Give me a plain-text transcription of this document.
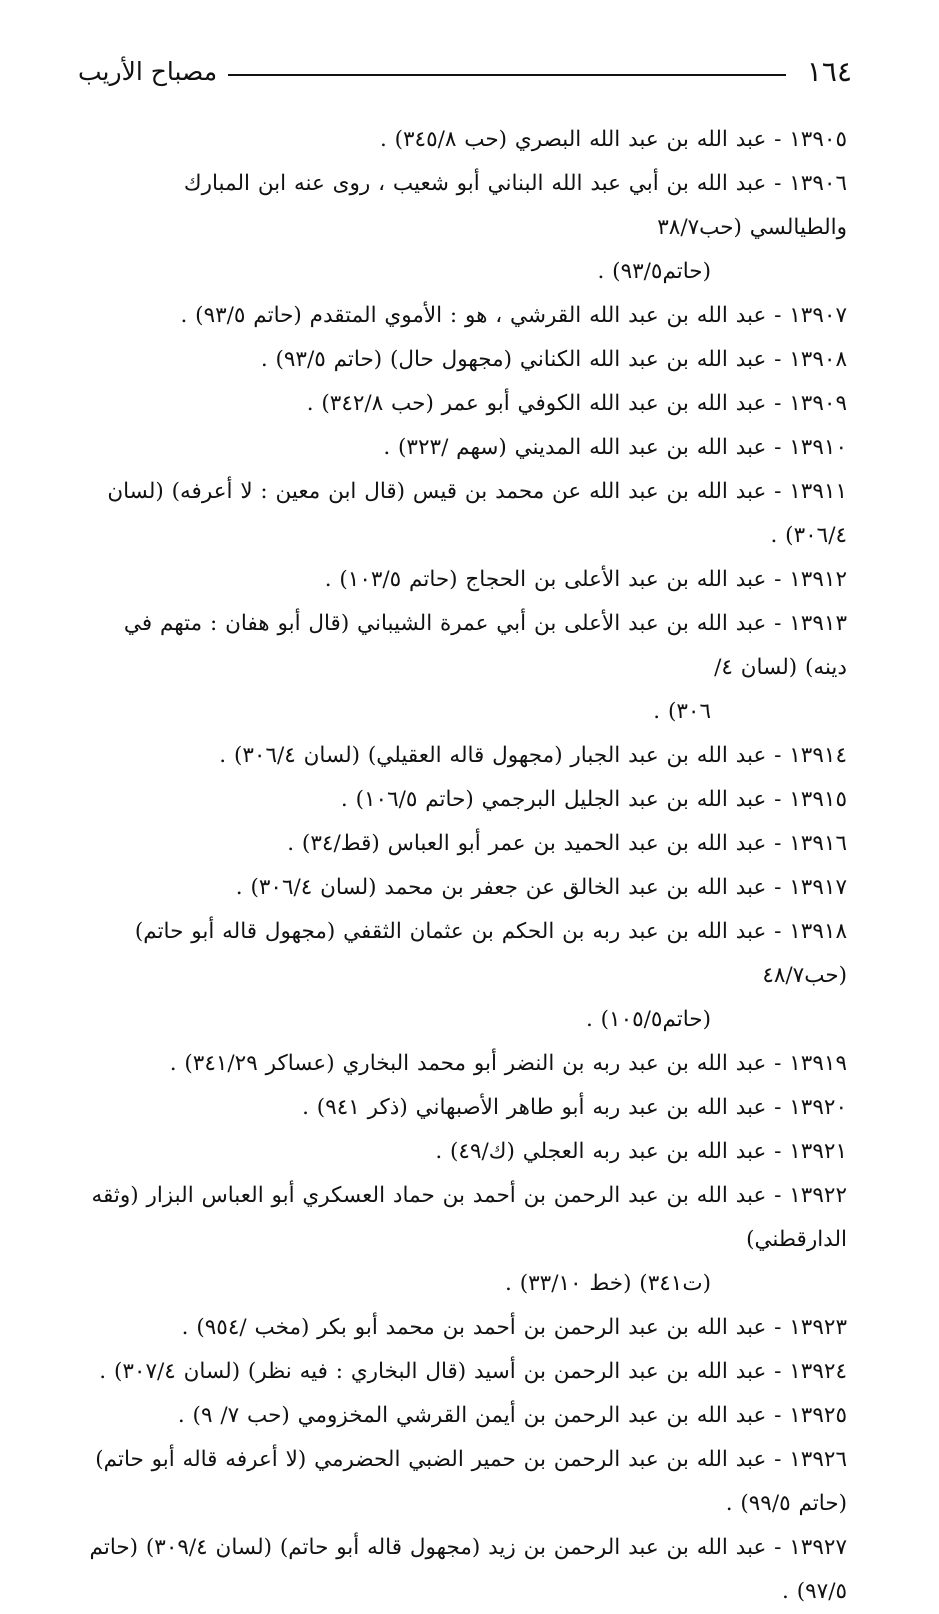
١٦٤
مصباح الأريب

١٣٩٠٥ - عبد الله بن عبد الله البصري (حب ٣٤٥/٨) .

١٣٩٠٦ - عبد الله بن أبي عبد الله البناني أبو شعيب ، روى عنه ابن المبارك والطيالسي (حب٣٨/٧
(حاتم٩٣/٥) .

١٣٩٠٧ - عبد الله بن عبد الله القرشي ، هو : الأموي المتقدم (حاتم ٩٣/٥) .

١٣٩٠٨ - عبد الله بن عبد الله الكناني (مجهول حال) (حاتم ٩٣/٥) .

١٣٩٠٩ - عبد الله بن عبد الله الكوفي أبو عمر (حب ٣٤٢/٨) .

١٣٩١٠ - عبد الله بن عبد الله المديني (سهم /٣٢٣) .

١٣٩١١ - عبد الله بن عبد الله عن محمد بن قيس (قال ابن معين : لا أعرفه) (لسان ٣٠٦/٤) .

١٣٩١٢ - عبد الله بن عبد الأعلى بن الحجاج (حاتم ١٠٣/٥) .

١٣٩١٣ - عبد الله بن عبد الأعلى بن أبي عمرة الشيباني (قال أبو هفان : متهم في دينه) (لسان ٤/
٣٠٦) .

١٣٩١٤ - عبد الله بن عبد الجبار (مجهول قاله العقيلي) (لسان ٣٠٦/٤) .

١٣٩١٥ - عبد الله بن عبد الجليل البرجمي (حاتم ١٠٦/٥) .

١٣٩١٦ - عبد الله بن عبد الحميد بن عمر أبو العباس (قط/٣٤) .

١٣٩١٧ - عبد الله بن عبد الخالق عن جعفر بن محمد (لسان ٣٠٦/٤) .

١٣٩١٨ - عبد الله بن عبد ربه بن الحكم بن عثمان الثقفي (مجهول قاله أبو حاتم) (حب٤٨/٧
(حاتم١٠٥/٥) .

١٣٩١٩ - عبد الله بن عبد ربه بن النضر أبو محمد البخاري (عساكر ٣٤١/٢٩) .

١٣٩٢٠ - عبد الله بن عبد ربه أبو طاهر الأصبهاني (ذكر ٩٤١) .

١٣٩٢١ - عبد الله بن عبد ربه العجلي (ك/٤٩) .

١٣٩٢٢ - عبد الله بن عبد الرحمن بن أحمد بن حماد العسكري أبو العباس البزار (وثقه الدارقطني)
(ت٣٤١) (خط ٣٣/١٠) .

١٣٩٢٣ - عبد الله بن عبد الرحمن بن أحمد بن محمد أبو بكر (مخب /٩٥٤) .

١٣٩٢٤ - عبد الله بن عبد الرحمن بن أسيد (قال البخاري : فيه نظر) (لسان ٣٠٧/٤) .

١٣٩٢٥ - عبد الله بن عبد الرحمن بن أيمن القرشي المخزومي (حب ٧/ ٩) .

١٣٩٢٦ - عبد الله بن عبد الرحمن بن حمير الضبي الحضرمي (لا أعرفه قاله أبو حاتم) (حاتم ٩٩/٥) .

١٣٩٢٧ - عبد الله بن عبد الرحمن بن زيد (مجهول قاله أبو حاتم) (لسان ٣٠٩/٤) (حاتم ٩٧/٥) .
